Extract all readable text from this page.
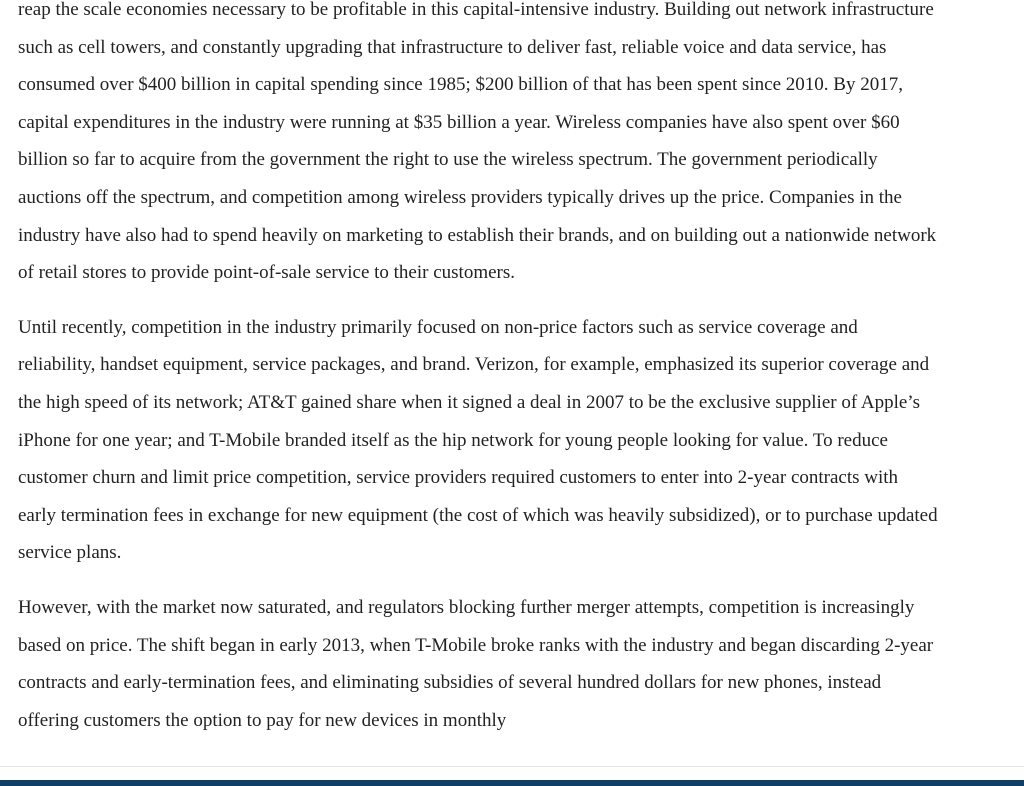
reap the scale economies necessary to be profitable in this capital-intensive industry. Building out network infrastructure such as cell towers, and constantly upgrading that infrastructure to deliver fast, reliable voice and data service, has consumed over $400 billion in capital spending since 1985; $200 billion of that has been spent since 2010. By 2017, capital expenditures in the industry were running at $35 billion a year. Wireless companies have also spent over $60 billion so far to acquire from the government the right to use the wireless spectrum. The government periodically auctions off the spectrum, and competition among wireless providers typically drives up the price. Companies in the industry have also had to spend heavily on marketing to establish their brands, and on building out a nationwide network of retail stores to provide point-of-sale service to their customers.

Until recently, competition in the industry primarily focused on non-price factors such as service coverage and reliability, handset equipment, service packages, and brand. Verizon, for example, emphasized its superior coverage and the high speed of its network; AT&T gained share when it signed a deal in 2007 to be the exclusive supplier of Apple’s iPhone for one year; and T-Mobile branded itself as the hip network for young people looking for value. To reduce customer churn and limit price competition, service providers required customers to enter into 2-year contracts with early termination fees in exchange for new equipment (the cost of which was heavily subsidized), or to purchase updated service plans.

However, with the market now saturated, and regulators blocking further merger attempts, competition is increasingly based on price. The shift began in early 2013, when T-Mobile broke ranks with the industry and began discarding 2-year contracts and early-termination fees, and eliminating subsidies of several hundred dollars for new phones, instead offering customers the option to pay for new devices in monthly
